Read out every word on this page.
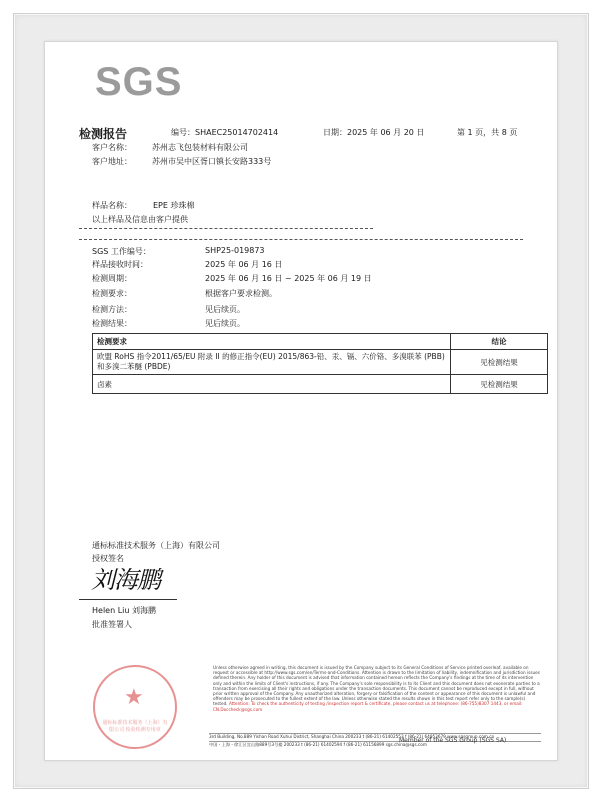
SGS
检测报告	编号：SHAEC25014702414	日期：2025 年 06 月 20 日	第 1 页，共 8 页
客户名称：	苏州志飞包装材料有限公司
客户地址：	苏州市吴中区胥口镇长安路333号
样品名称：	EPE 珍珠棉
以上样品及信息由客户提供
SGS 工作编号：	SHP25-019873
样品接收时间：	2025 年 06 月 16 日
检测周期：	2025 年 06 月 16 日 ~ 2025 年 06 月 19 日
检测要求：	根据客户要求检测。
检测方法：	见后续页。
检测结果：	见后续页。
检测要求	结论
欧盟 RoHS 指令2011/65/EU 附录 II 的修正指令(EU) 2015/863-铅、汞、镉、六价铬、多溴联苯 (PBB)和多溴二苯醚 (PBDE)	见检测结果
卤素	见检测结果
通标标准技术服务（上海）有限公司
授权签名
刘海鹏
Helen Liu 刘海鹏
批准签署人
★
通标标准技术服务（上海）有限公司 检验检测专用章
Unless otherwise agreed in writing, this document is issued by the Company subject to its General Conditions of Service printed overleaf, available on request or accessible at http://www.sgs.com/en/Terms-and-Conditions. Attention is drawn to the limitation of liability, indemnification and jurisdiction issues defined therein. Any holder of this document is advised that information contained hereon reflects the Company's findings at the time of its intervention only and within the limits of Client's instructions, if any. The Company's sole responsibility is to its Client and this document does not exonerate parties to a transaction from exercising all their rights and obligations under the transaction documents. This document cannot be reproduced except in full, without prior written approval of the Company. Any unauthorized alteration, forgery or falsification of the content or appearance of this document is unlawful and offenders may be prosecuted to the fullest extent of the law. Unless otherwise stated the results shown in this test report refer only to the sample(s) tested. Attention: To check the authenticity of testing /inspection report & certificate, please contact us at telephone: (86-755)8307 1443, or email: CN.Doccheck@sgs.com
3rd Building, No.889 Yishan Road Xuhui District, Shanghai China 200233 t (86-21) 61402553 f (86-21) 64953679 www.sgsgroup.com.cn
中国・上海・徐汇区宜山路889号3号楼 200233 t (86-21) 61402594 f (86-21) 61156899 sgs.china@sgs.com
Member of the SGS Group (SGS SA)
